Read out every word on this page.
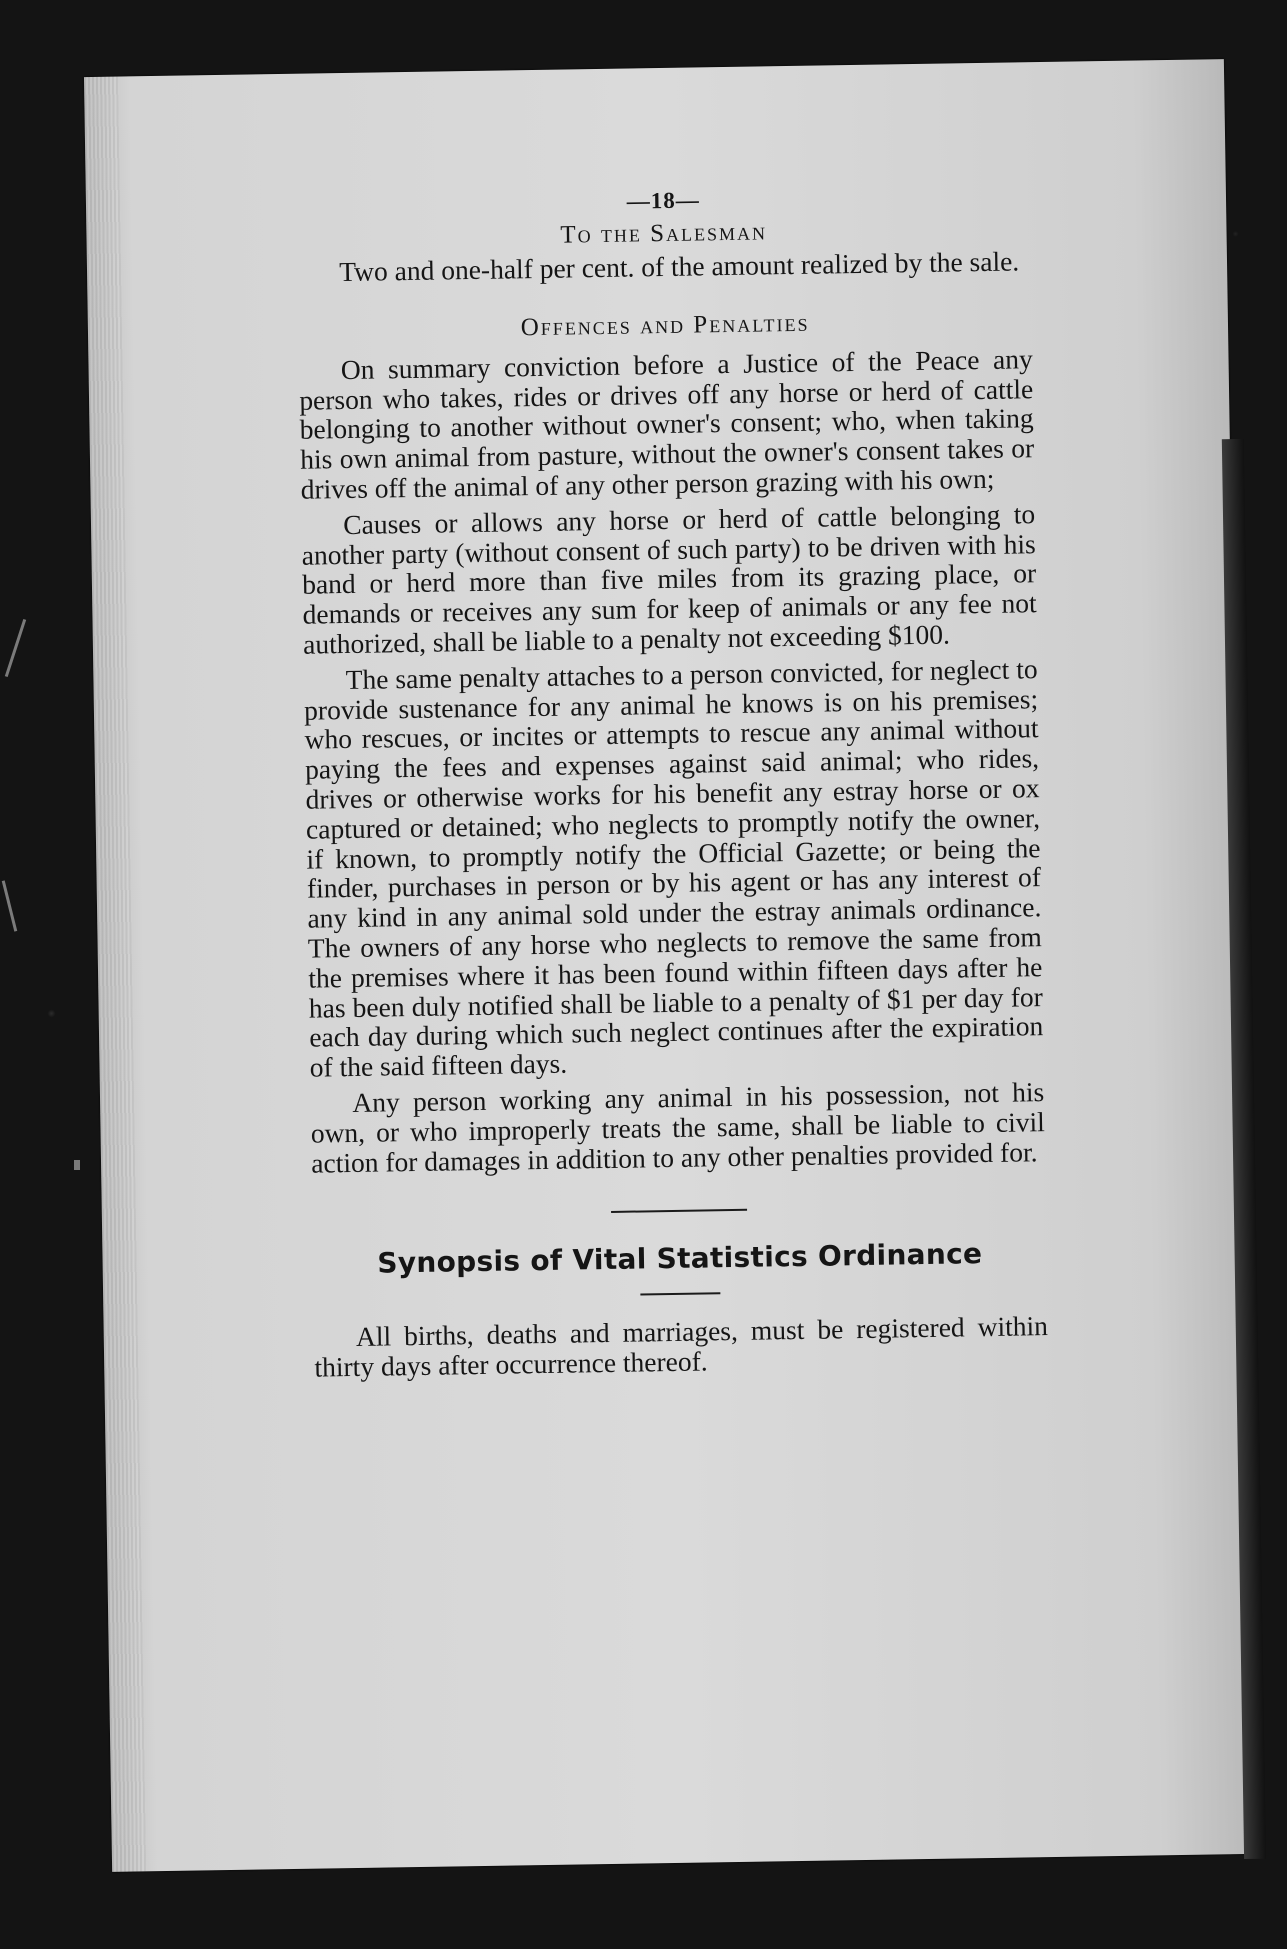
—18—

To the Salesman

Two and one-half per cent. of the amount realized by the sale.

Offences and Penalties

On summary conviction before a Justice of the Peace any person who takes, rides or drives off any horse or herd of cattle belonging to another without owner's consent; who, when taking his own animal from pasture, without the owner's consent takes or drives off the animal of any other person grazing with his own;

Causes or allows any horse or herd of cattle belonging to another party (without consent of such party) to be driven with his band or herd more than five miles from its grazing place, or demands or receives any sum for keep of animals or any fee not authorized, shall be liable to a penalty not exceeding $100.

The same penalty attaches to a person convicted, for neglect to provide sustenance for any animal he knows is on his premises; who rescues, or incites or attempts to rescue any animal without paying the fees and expenses against said animal; who rides, drives or otherwise works for his benefit any estray horse or ox captured or detained; who neglects to promptly notify the owner, if known, to promptly notify the Official Gazette; or being the finder, purchases in person or by his agent or has any interest of any kind in any animal sold under the estray animals ordinance. The owners of any horse who neglects to remove the same from the premises where it has been found within fifteen days after he has been duly notified shall be liable to a penalty of $1 per day for each day during which such neglect continues after the expiration of the said fifteen days.

Any person working any animal in his possession, not his own, or who improperly treats the same, shall be liable to civil action for damages in addition to any other penalties provided for.

Synopsis of Vital Statistics Ordinance

All births, deaths and marriages, must be registered within thirty days after occurrence thereof.
